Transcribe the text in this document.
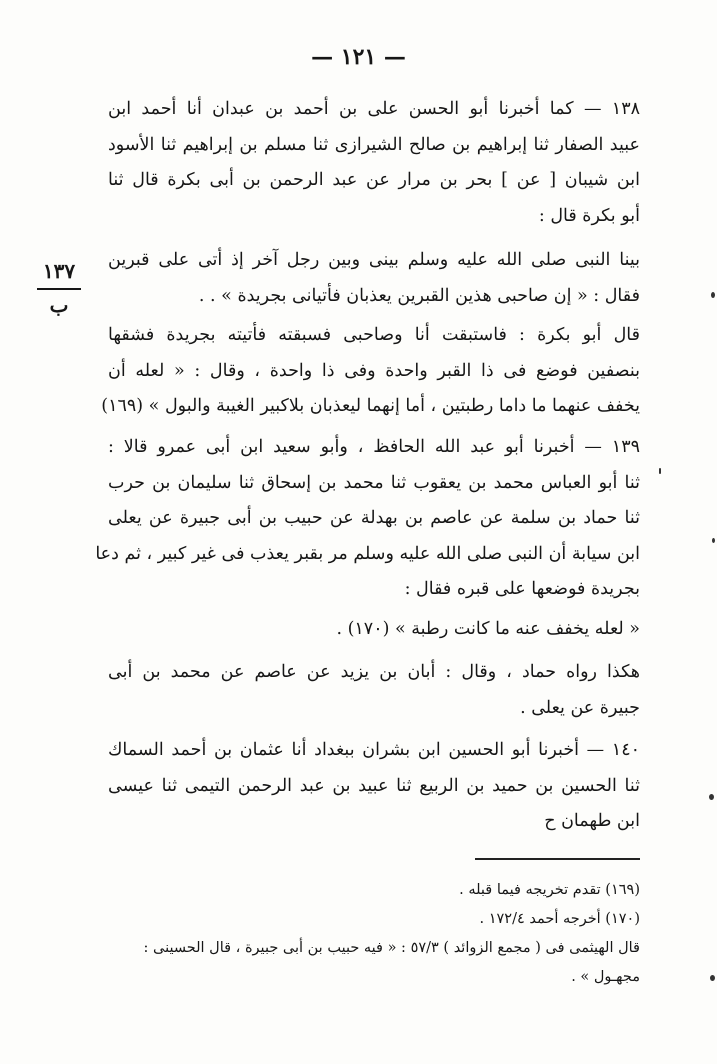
— ١٢١ —
١٣٧
ب
١٣٨ — كما أخبرنا أبو الحسن على بن أحمد بن عبدان أنا أحمد ابن
عبيد الصفار ثنا إبراهيم بن صالح الشيرازى ثنا مسلم بن إبراهيم ثنا الأسود
ابن شيبان [ عن ] بحر بن مرار عن عبد الرحمن بن أبى بكرة قال ثنا
أبو بكرة قال :
بينا النبى صلى الله عليه وسلم بينى وبين رجل آخر إذ أتى على قبرين
فقال : « إن صاحبى هذين القبرين يعذبان فأتيانى بجريدة » . .
قال أبو بكرة : فاستبقت أنا وصاحبى فسبقته فأتيته بجريدة فشقها
بنصفين فوضع فى ذا القبر واحدة وفى ذا واحدة ، وقال : « لعله أن
يخفف عنهما ما داما رطبتين ، أما إنهما ليعذبان بلاكبير الغيبة والبول » (١٦٩)
١٣٩ — أخبرنا أبو عبد الله الحافظ ، وأبو سعيد ابن أبى عمرو قالا :
ثنا أبو العباس محمد بن يعقوب ثنا محمد بن إسحاق ثنا سليمان بن حرب
ثنا حماد بن سلمة عن عاصم بن بهدلة عن حبيب بن أبى جبيرة عن يعلى
ابن سيابة أن النبى صلى الله عليه وسلم مر بقبر يعذب فى غير كبير ، ثم دعا
بجريدة فوضعها على قبره فقال :
« لعله يخفف عنه ما كانت رطبة » (١٧٠) .
هكذا رواه حماد ، وقال : أبان بن يزيد عن عاصم عن محمد بن أبى
جبيرة عن يعلى .
١٤٠ — أخبرنا أبو الحسين ابن بشران ببغداد أنا عثمان بن أحمد السماك
ثنا الحسين بن حميد بن الربيع ثنا عبيد بن عبد الرحمن التيمى ثنا عيسى
ابن طهمان ح
(١٦٩) تقدم تخريجه فيما قبله .
(١٧٠) أخرجه أحمد ١٧٢/٤ .
قال الهيثمى فى ( مجمع الزوائد ) ٥٧/٣ : « فيه حبيب بن أبى جبيرة ، قال الحسينى :
مجهـول » .
